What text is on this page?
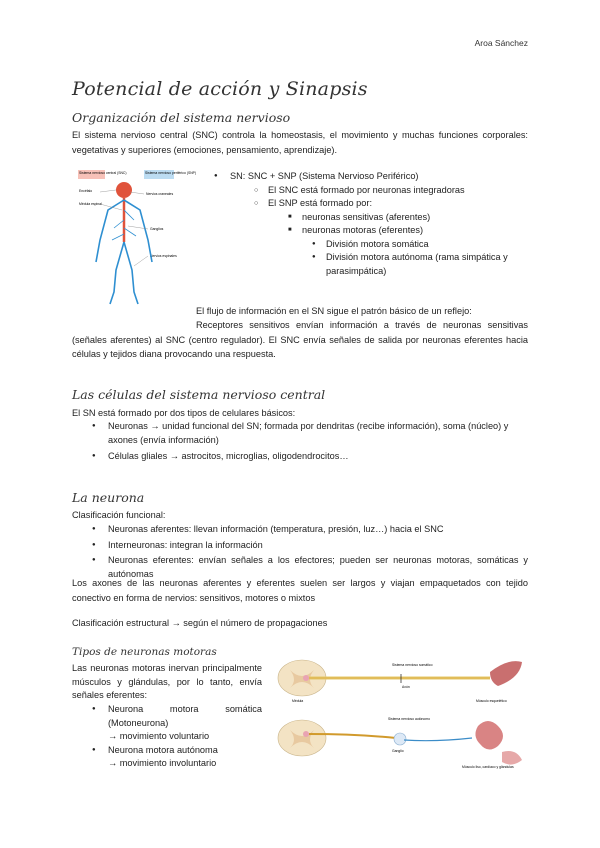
Aroa Sánchez
Potencial de acción y Sinapsis
Organización del sistema nervioso
El sistema nervioso central (SNC) controla la homeostasis, el movimiento y muchas funciones corporales: vegetativas y superiores (emociones, pensamiento, aprendizaje).
Sistema nervioso central (SNC)	Sistema nervioso periférico (SNP)
Encéfalo
Médula espinal
Nervios craneales
Ganglios
Nervios espinales
● SN: SNC + SNP (Sistema Nervioso Periférico)
○ El SNC está formado por neuronas integradoras
○ El SNP está formado por:
■ neuronas sensitivas (aferentes)
■ neuronas motoras (eferentes)
● División motora somática
● División motora autónoma (rama simpática y parasimpática)
El flujo de información en el SN sigue el patrón básico de un reflejo:
Receptores sensitivos envían información a través de neuronas sensitivas (señales aferentes) al SNC (centro regulador). El SNC envía señales de salida por neuronas eferentes hacia células y tejidos diana provocando una respuesta.
Las células del sistema nervioso central
El SN está formado por dos tipos de celulares básicos:
● Neuronas → unidad funcional del SN; formada por dendritas (recibe información), soma (núcleo) y axones (envía información)
● Células gliales → astrocitos, microglias, oligodendrocitos…
La neurona
Clasificación funcional:
● Neuronas aferentes: llevan información (temperatura, presión, luz…) hacia el SNC
● Interneuronas: integran la información
● Neuronas eferentes: envían señales a los efectores; pueden ser neuronas motoras, somáticas y autónomas
Los axones de las neuronas aferentes y eferentes suelen ser largos y viajan empaquetados con tejido conectivo en forma de nervios: sensitivos, motores o mixtos
Clasificación estructural → según el número de propagaciones
Tipos de neuronas motoras
Las neuronas motoras inervan principalmente músculos y glándulas, por lo tanto, envía señales eferentes:
● Neurona motora somática (Motoneurona)
→ movimiento voluntario
● Neurona motora autónoma
→ movimiento involuntario
Sistema nervioso somático
Axón
Médula	Músculo esquelético
Sistema nervioso autónomo
Ganglio
Músculo liso, cardíaco y glándulas
